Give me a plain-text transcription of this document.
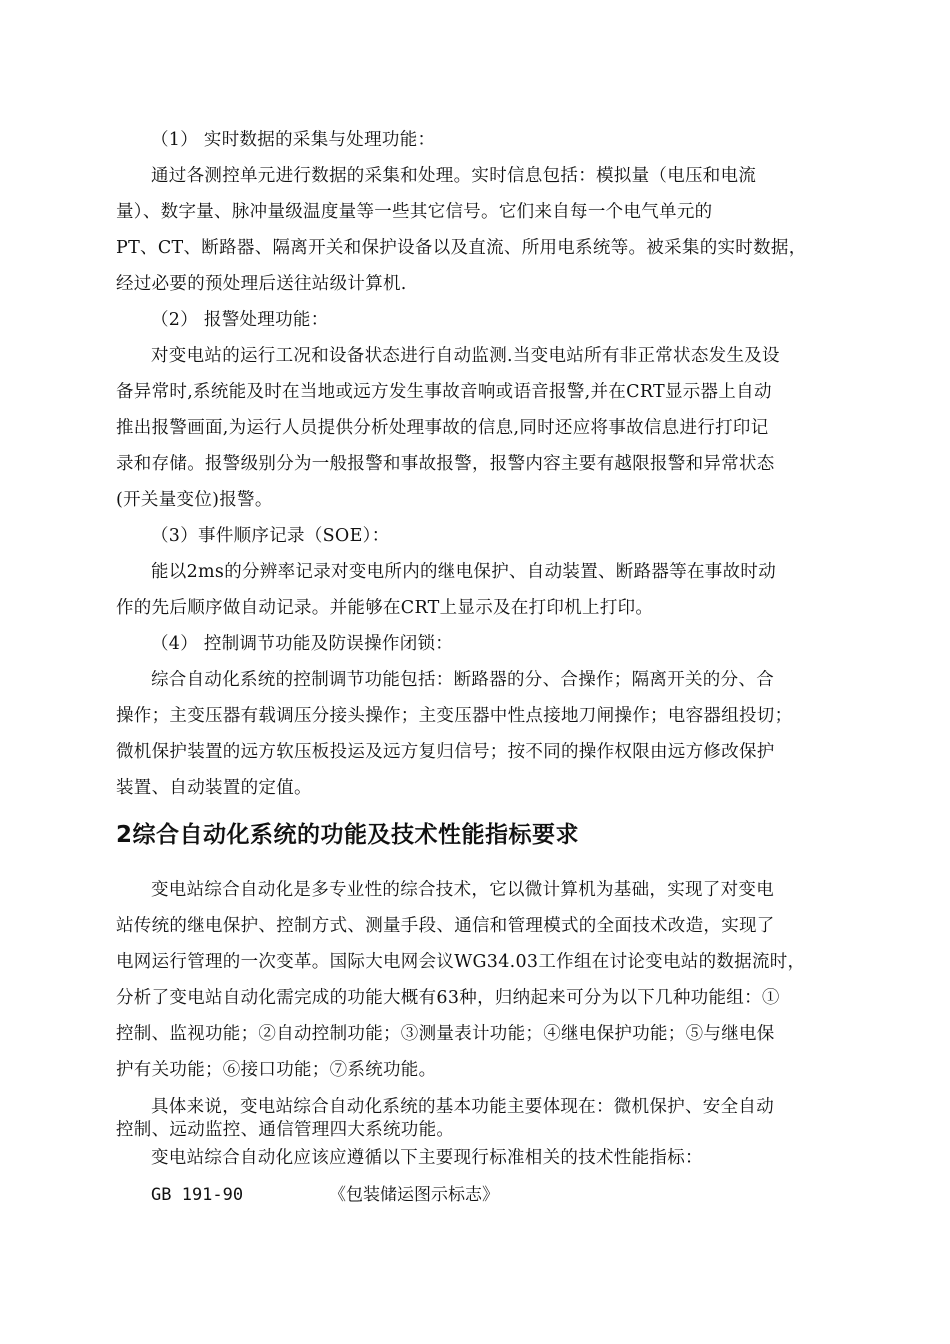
（1） 实时数据的采集与处理功能：
通过各测控单元进行数据的采集和处理。实时信息包括：模拟量（电压和电流
量）、数字量、脉冲量级温度量等一些其它信号。它们来自每一个电气单元的
PT、CT、断路器、隔离开关和保护设备以及直流、所用电系统等。被采集的实时数据，
经过必要的预处理后送往站级计算机.

（2） 报警处理功能：
对变电站的运行工况和设备状态进行自动监测.当变电站所有非正常状态发生及设
备异常时,系统能及时在当地或远方发生事故音响或语音报警,并在CRT显示器上自动
推出报警画面,为运行人员提供分析处理事故的信息,同时还应将事故信息进行打印记
录和存储。报警级别分为一般报警和事故报警，报警内容主要有越限报警和异常状态
(开关量变位)报警。

（3）事件顺序记录（SOE）：
能以2ms的分辨率记录对变电所内的继电保护、自动装置、断路器等在事故时动
作的先后顺序做自动记录。并能够在CRT上显示及在打印机上打印。

（4） 控制调节功能及防误操作闭锁：
综合自动化系统的控制调节功能包括：断路器的分、合操作；隔离开关的分、合
操作；主变压器有载调压分接头操作；主变压器中性点接地刀闸操作；电容器组投切；
微机保护装置的远方软压板投运及远方复归信号；按不同的操作权限由远方修改保护
装置、自动装置的定值。

2综合自动化系统的功能及技术性能指标要求

变电站综合自动化是多专业性的综合技术，它以微计算机为基础，实现了对变电
站传统的继电保护、控制方式、测量手段、通信和管理模式的全面技术改造，实现了
电网运行管理的一次变革。国际大电网会议WG34.03工作组在讨论变电站的数据流时，
分析了变电站自动化需完成的功能大概有63种，归纳起来可分为以下几种功能组：①
控制、监视功能；②自动控制功能；③测量表计功能；④继电保护功能；⑤与继电保
护有关功能；⑥接口功能；⑦系统功能。

具体来说，变电站综合自动化系统的基本功能主要体现在：微机保护、安全自动
控制、远动监控、通信管理四大系统功能。

变电站综合自动化应该应遵循以下主要现行标准相关的技术性能指标：

GB 191-90	《包装储运图示标志》
